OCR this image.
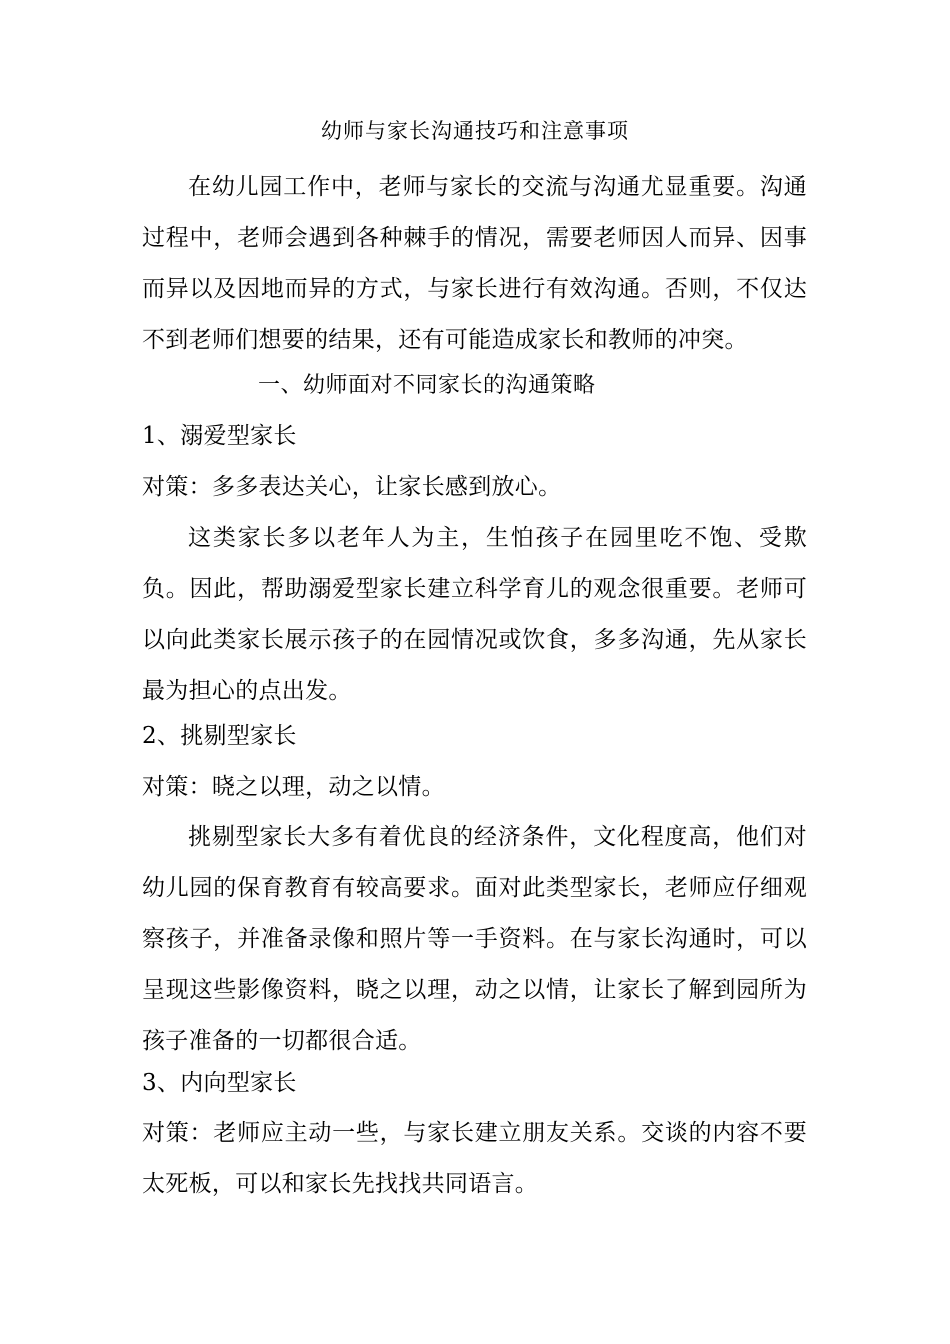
幼师与家长沟通技巧和注意事项

在幼儿园工作中，老师与家长的交流与沟通尤显重要。沟通过程中，老师会遇到各种棘手的情况，需要老师因人而异、因事而异以及因地而异的方式，与家长进行有效沟通。否则，不仅达不到老师们想要的结果，还有可能造成家长和教师的冲突。

一、幼师面对不同家长的沟通策略
1、溺爱型家长
对策：多多表达关心，让家长感到放心。

这类家长多以老年人为主，生怕孩子在园里吃不饱、受欺负。因此，帮助溺爱型家长建立科学育儿的观念很重要。老师可以向此类家长展示孩子的在园情况或饮食，多多沟通，先从家长最为担心的点出发。

2、挑剔型家长
对策：晓之以理，动之以情。

挑剔型家长大多有着优良的经济条件，文化程度高，他们对幼儿园的保育教育有较高要求。面对此类型家长，老师应仔细观察孩子，并准备录像和照片等一手资料。在与家长沟通时，可以呈现这些影像资料，晓之以理，动之以情，让家长了解到园所为孩子准备的一切都很合适。

3、内向型家长

对策：老师应主动一些，与家长建立朋友关系。交谈的内容不要太死板，可以和家长先找找共同语言。
